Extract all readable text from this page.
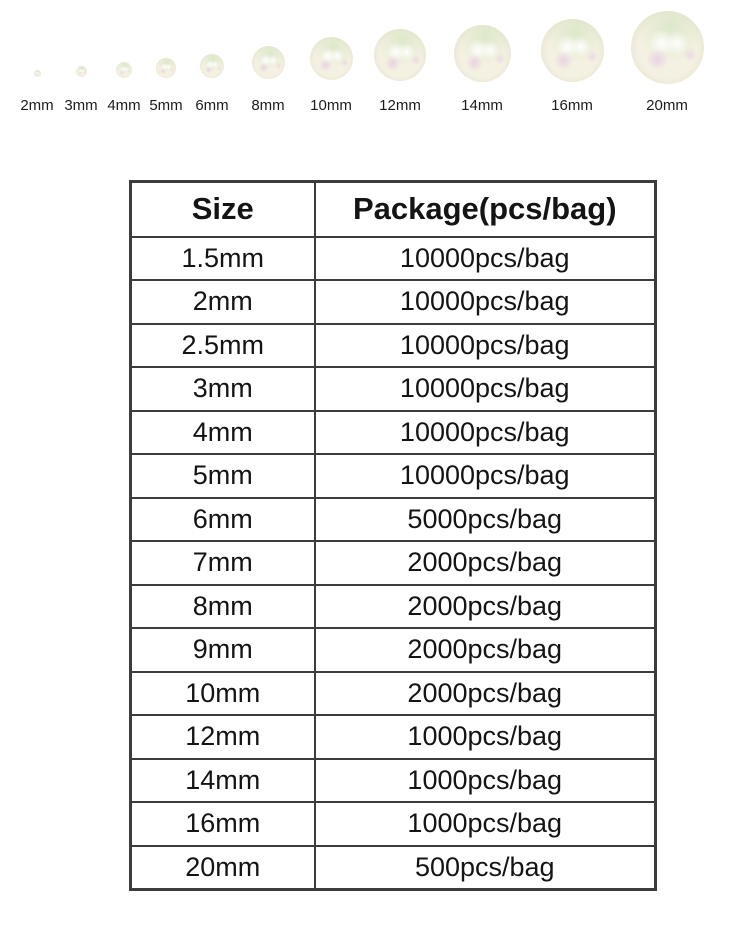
2mm 3mm 4mm 5mm 6mm 8mm 10mm 12mm	14mm	16mm	20mm
Size	Package(pcs/bag)
1.5mm	10000pcs/bag
2mm	10000pcs/bag
2.5mm	10000pcs/bag
3mm	10000pcs/bag
4mm	10000pcs/bag
5mm	10000pcs/bag
6mm	5000pcs/bag
7mm	2000pcs/bag
8mm	2000pcs/bag
9mm	2000pcs/bag
10mm	2000pcs/bag
12mm	1000pcs/bag
14mm	1000pcs/bag
16mm	1000pcs/bag
20mm	500pcs/bag
